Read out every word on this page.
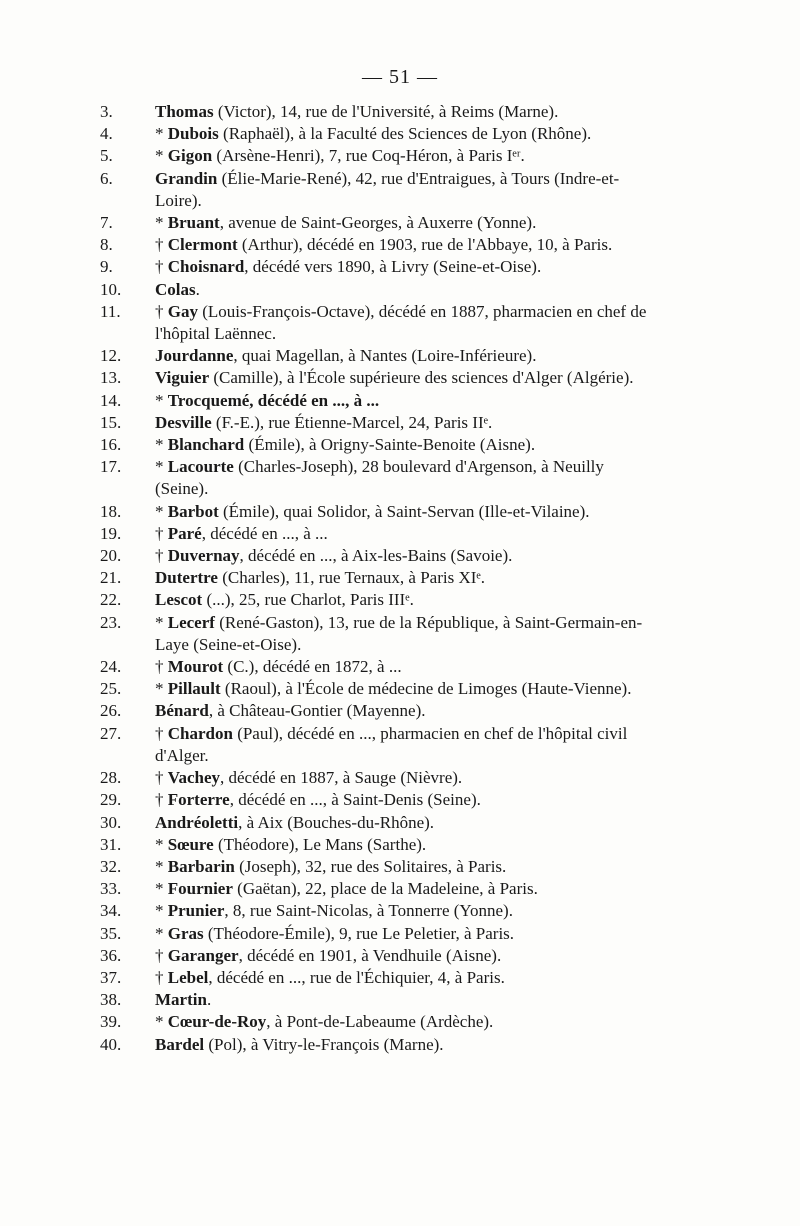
— 51 —
3.	Thomas (Victor), 14, rue de l'Université, à Reims (Marne).
4.	* Dubois (Raphaël), à la Faculté des Sciences de Lyon (Rhône).
5.	* Gigon (Arsène-Henri), 7, rue Coq-Héron, à Paris Iᵉʳ.
6.	Grandin (Élie-Marie-René), 42, rue d'Entraigues, à Tours (Indre-et-Loire).
7.	* Bruant, avenue de Saint-Georges, à Auxerre (Yonne).
8.	† Clermont (Arthur), décédé en 1903, rue de l'Abbaye, 10, à Paris.
9.	† Choisnard, décédé vers 1890, à Livry (Seine-et-Oise).
10.	Colas.
11.	† Gay (Louis-François-Octave), décédé en 1887, pharmacien en chef de l'hôpital Laënnec.
12.	Jourdanne, quai Magellan, à Nantes (Loire-Inférieure).
13.	Viguier (Camille), à l'École supérieure des sciences d'Alger (Algérie).
14.	* Trocquemé, décédé en ..., à ...
15.	Desville (F.-E.), rue Étienne-Marcel, 24, Paris IIᵉ.
16.	* Blanchard (Émile), à Origny-Sainte-Benoite (Aisne).
17.	* Lacourte (Charles-Joseph), 28 boulevard d'Argenson, à Neuilly (Seine).
18.	* Barbot (Émile), quai Solidor, à Saint-Servan (Ille-et-Vilaine).
19.	† Paré, décédé en ..., à ...
20.	† Duvernay, décédé en ..., à Aix-les-Bains (Savoie).
21.	Dutertre (Charles), 11, rue Ternaux, à Paris XIᵉ.
22.	Lescot (...), 25, rue Charlot, Paris IIIᵉ.
23.	* Lecerf (René-Gaston), 13, rue de la République, à Saint-Germain-en-Laye (Seine-et-Oise).
24.	† Mourot (C.), décédé en 1872, à ...
25.	* Pillault (Raoul), à l'École de médecine de Limoges (Haute-Vienne).
26.	Bénard, à Château-Gontier (Mayenne).
27.	† Chardon (Paul), décédé en ..., pharmacien en chef de l'hôpital civil d'Alger.
28.	† Vachey, décédé en 1887, à Sauge (Nièvre).
29.	† Forterre, décédé en ..., à Saint-Denis (Seine).
30.	Andréoletti, à Aix (Bouches-du-Rhône).
31.	* Sœure (Théodore), Le Mans (Sarthe).
32.	* Barbarin (Joseph), 32, rue des Solitaires, à Paris.
33.	* Fournier (Gaëtan), 22, place de la Madeleine, à Paris.
34.	* Prunier, 8, rue Saint-Nicolas, à Tonnerre (Yonne).
35.	* Gras (Théodore-Émile), 9, rue Le Peletier, à Paris.
36.	† Garanger, décédé en 1901, à Vendhuile (Aisne).
37.	† Lebel, décédé en ..., rue de l'Échiquier, 4, à Paris.
38.	Martin.
39.	* Cœur-de-Roy, à Pont-de-Labeaume (Ardèche).
40.	Bardel (Pol), à Vitry-le-François (Marne).
